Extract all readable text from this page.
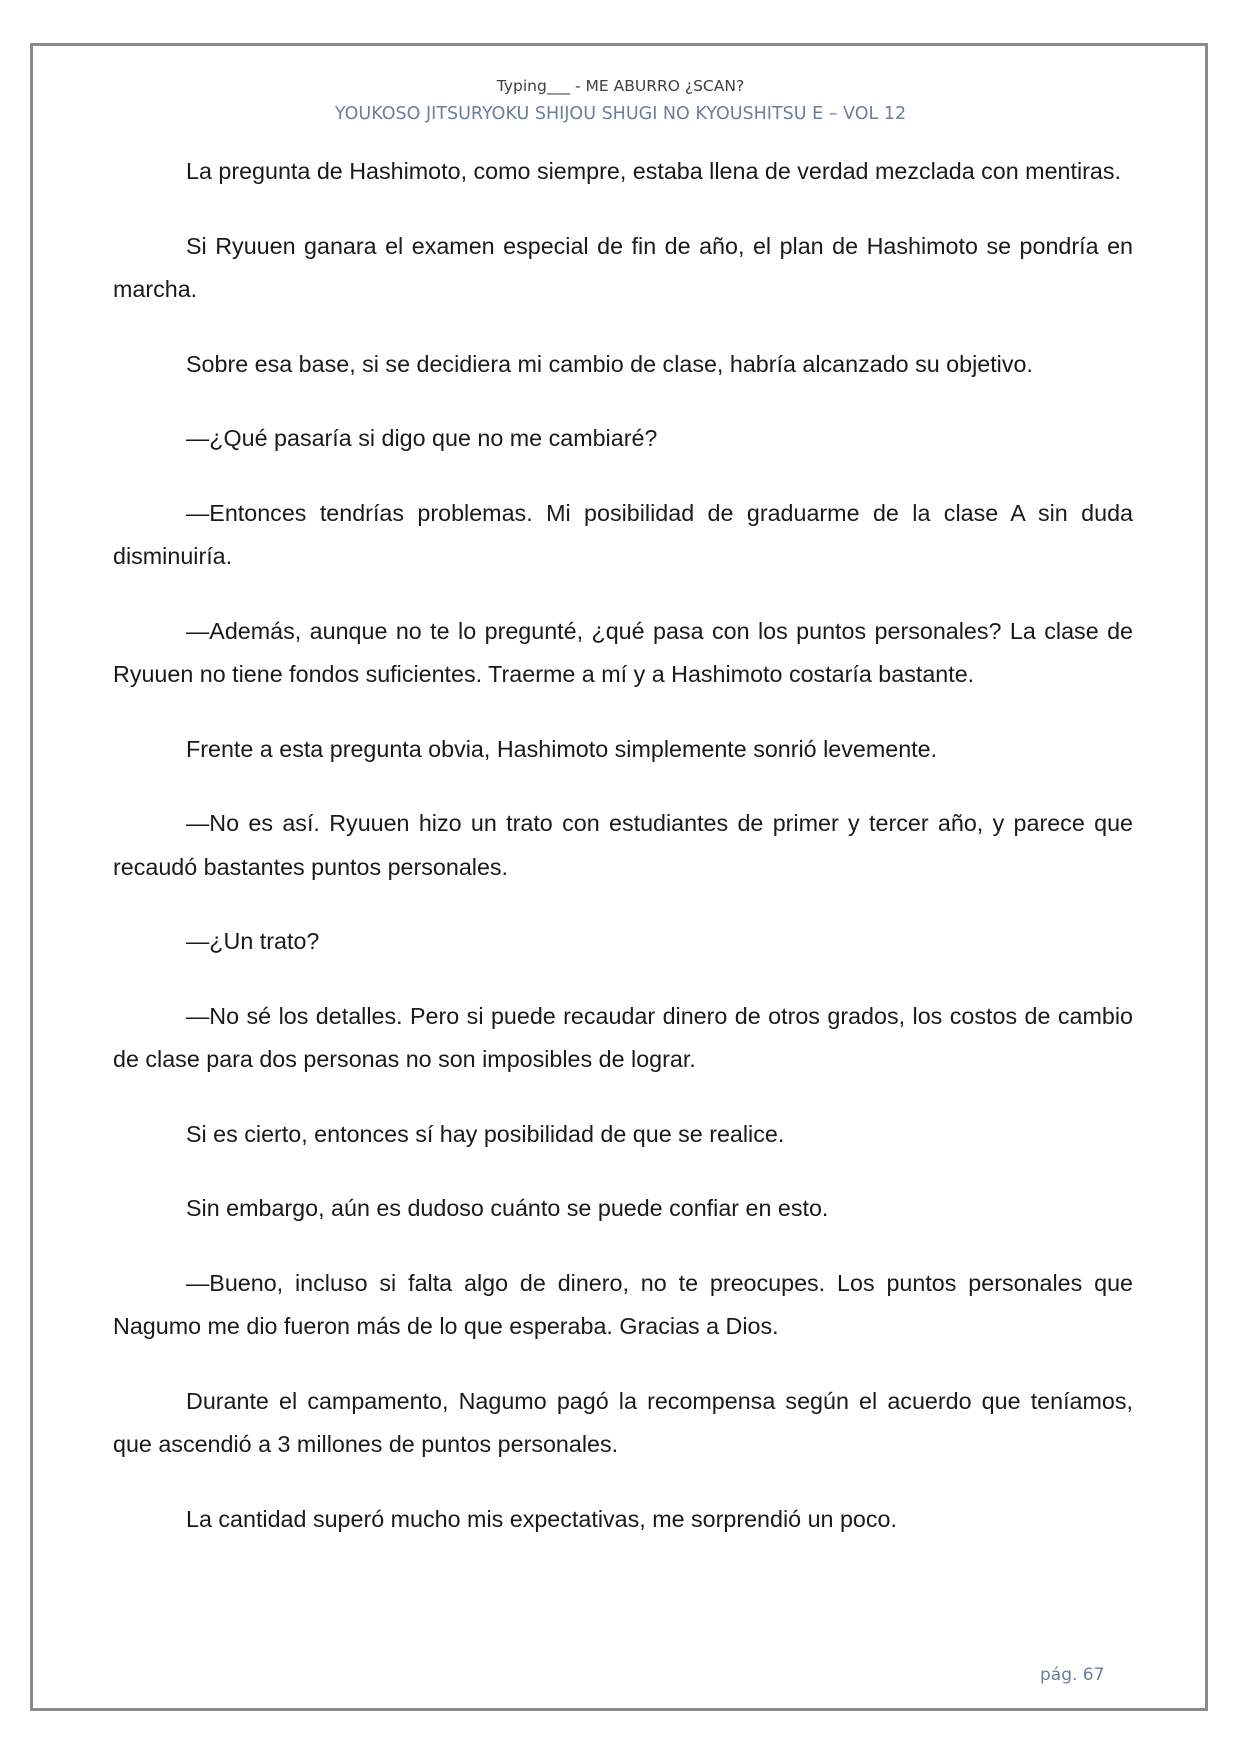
Typing___ - ME ABURRO ¿SCAN?
YOUKOSO JITSURYOKU SHIJOU SHUGI NO KYOUSHITSU E – VOL 12

La pregunta de Hashimoto, como siempre, estaba llena de verdad mezclada con mentiras.

Si Ryuuen ganara el examen especial de fin de año, el plan de Hashimoto se pondría en marcha.

Sobre esa base, si se decidiera mi cambio de clase, habría alcanzado su objetivo.

—¿Qué pasaría si digo que no me cambiaré?

—Entonces tendrías problemas. Mi posibilidad de graduarme de la clase A sin duda disminuiría.

—Además, aunque no te lo pregunté, ¿qué pasa con los puntos personales? La clase de Ryuuen no tiene fondos suficientes. Traerme a mí y a Hashimoto costaría bastante.

Frente a esta pregunta obvia, Hashimoto simplemente sonrió levemente.

—No es así. Ryuuen hizo un trato con estudiantes de primer y tercer año, y parece que recaudó bastantes puntos personales.

—¿Un trato?

—No sé los detalles. Pero si puede recaudar dinero de otros grados, los costos de cambio de clase para dos personas no son imposibles de lograr.

Si es cierto, entonces sí hay posibilidad de que se realice.

Sin embargo, aún es dudoso cuánto se puede confiar en esto.

—Bueno, incluso si falta algo de dinero, no te preocupes. Los puntos personales que Nagumo me dio fueron más de lo que esperaba. Gracias a Dios.

Durante el campamento, Nagumo pagó la recompensa según el acuerdo que teníamos, que ascendió a 3 millones de puntos personales.

La cantidad superó mucho mis expectativas, me sorprendió un poco.

pág. 67
